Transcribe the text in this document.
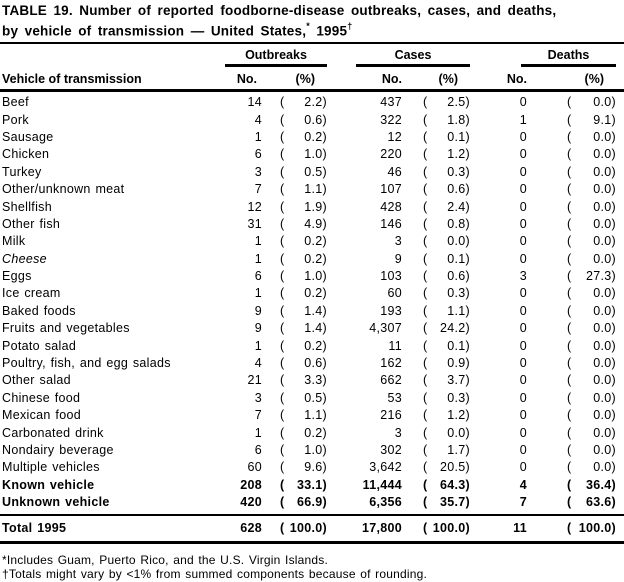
TABLE 19. Number of reported foodborne-disease outbreaks, cases, and deaths,
by vehicle of transmission — United States,* 1995†
Outbreaks	Cases	Deaths
Vehicle of transmission	No.	(%)	No.	(%)	No.	(%)
Beef	14 ( 2.2)	437 ( 2.5)	0	( 0.0)
Pork	4 ( 0.6)	322 ( 1.8)	1	( 9.1)
Sausage	1 ( 0.2)	12 ( 0.1)	0	( 0.0)
Chicken	6 ( 1.0)	220 ( 1.2)	0	( 0.0)
Turkey	3 ( 0.5)	46 ( 0.3)	0	( 0.0)
Other/unknown meat	7 ( 1.1)	107 ( 0.6)	0	( 0.0)
Shellfish	12 ( 1.9)	428 ( 2.4)	0	( 0.0)
Other fish	31 ( 4.9)	146 ( 0.8)	0	( 0.0)
Milk	1 ( 0.2)	3 ( 0.0)	0	( 0.0)
Cheese	1 ( 0.2)	9 ( 0.1)	0	( 0.0)
Eggs	6 ( 1.0)	103 ( 0.6)	3	( 27.3)
Ice cream	1 ( 0.2)	60 ( 0.3)	0	( 0.0)
Baked foods	9 ( 1.4)	193 ( 1.1)	0	( 0.0)
Fruits and vegetables	9 ( 1.4)	4,307 ( 24.2)	0	( 0.0)
Potato salad	1 ( 0.2)	11 ( 0.1)	0	( 0.0)
Poultry, fish, and egg salads	4 ( 0.6)	162 ( 0.9)	0	( 0.0)
Other salad	21 ( 3.3)	662 ( 3.7)	0	( 0.0)
Chinese food	3 ( 0.5)	53 ( 0.3)	0	( 0.0)
Mexican food	7 ( 1.1)	216 ( 1.2)	0	( 0.0)
Carbonated drink	1 ( 0.2)	3 ( 0.0)	0	( 0.0)
Nondairy beverage	6 ( 1.0)	302 ( 1.7)	0	( 0.0)
Multiple vehicles	60 ( 9.6)	3,642 ( 20.5)	0	( 0.0)
Known vehicle	208 ( 33.1)	11,444 ( 64.3)	4	( 36.4)
Unknown vehicle	420 ( 66.9)	6,356 ( 35.7)	7	( 63.6)
Total 1995	628 ( 100.0)	17,800 ( 100.0)	11	( 100.0)
*Includes Guam, Puerto Rico, and the U.S. Virgin Islands.
†Totals might vary by <1% from summed components because of rounding.
